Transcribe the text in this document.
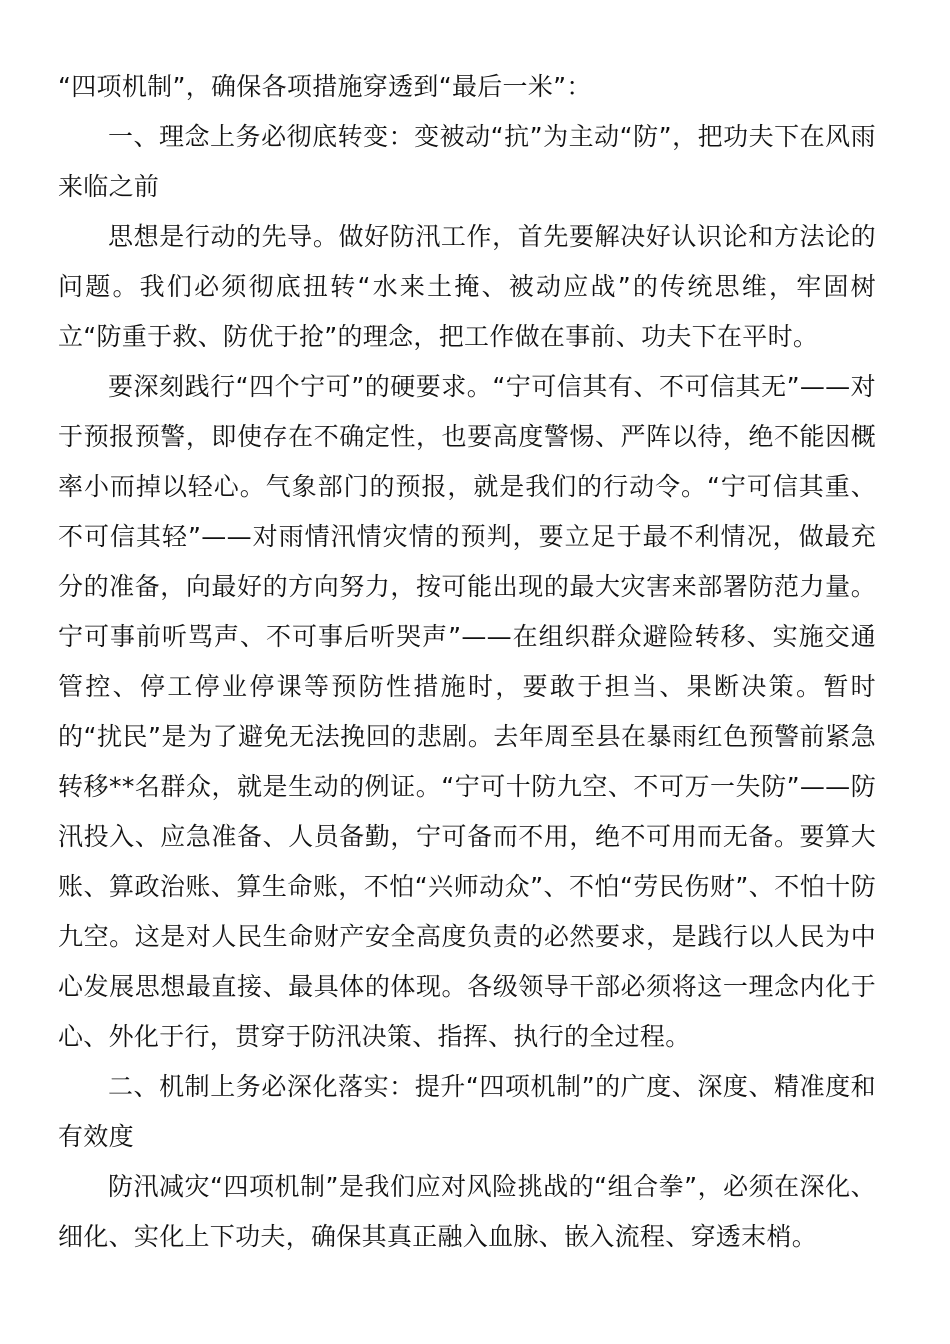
“四项机制”，确保各项措施穿透到“最后一米”：

一、理念上务必彻底转变：变被动“抗”为主动“防”，把功夫下在风雨来临之前

思想是行动的先导。做好防汛工作，首先要解决好认识论和方法论的问题。我们必须彻底扭转“水来土掩、被动应战”的传统思维，牢固树立“防重于救、防优于抢”的理念，把工作做在事前、功夫下在平时。

要深刻践行“四个宁可”的硬要求。“宁可信其有、不可信其无”——对于预报预警，即使存在不确定性，也要高度警惕、严阵以待，绝不能因概率小而掉以轻心。气象部门的预报，就是我们的行动令。“宁可信其重、不可信其轻”——对雨情汛情灾情的预判，要立足于最不利情况，做最充分的准备，向最好的方向努力，按可能出现的最大灾害来部署防范力量。宁可事前听骂声、不可事后听哭声”——在组织群众避险转移、实施交通管控、停工停业停课等预防性措施时，要敢于担当、果断决策。暂时的“扰民”是为了避免无法挽回的悲剧。去年周至县在暴雨红色预警前紧急转移**名群众，就是生动的例证。“宁可十防九空、不可万一失防”——防汛投入、应急准备、人员备勤，宁可备而不用，绝不可用而无备。要算大账、算政治账、算生命账，不怕“兴师动众”、不怕“劳民伤财”、不怕十防九空。这是对人民生命财产安全高度负责的必然要求，是践行以人民为中心发展思想最直接、最具体的体现。各级领导干部必须将这一理念内化于心、外化于行，贯穿于防汛决策、指挥、执行的全过程。

二、机制上务必深化落实：提升“四项机制”的广度、深度、精准度和有效度

防汛减灾“四项机制”是我们应对风险挑战的“组合拳”，必须在深化、细化、实化上下功夫，确保其真正融入血脉、嵌入流程、穿透末梢。
